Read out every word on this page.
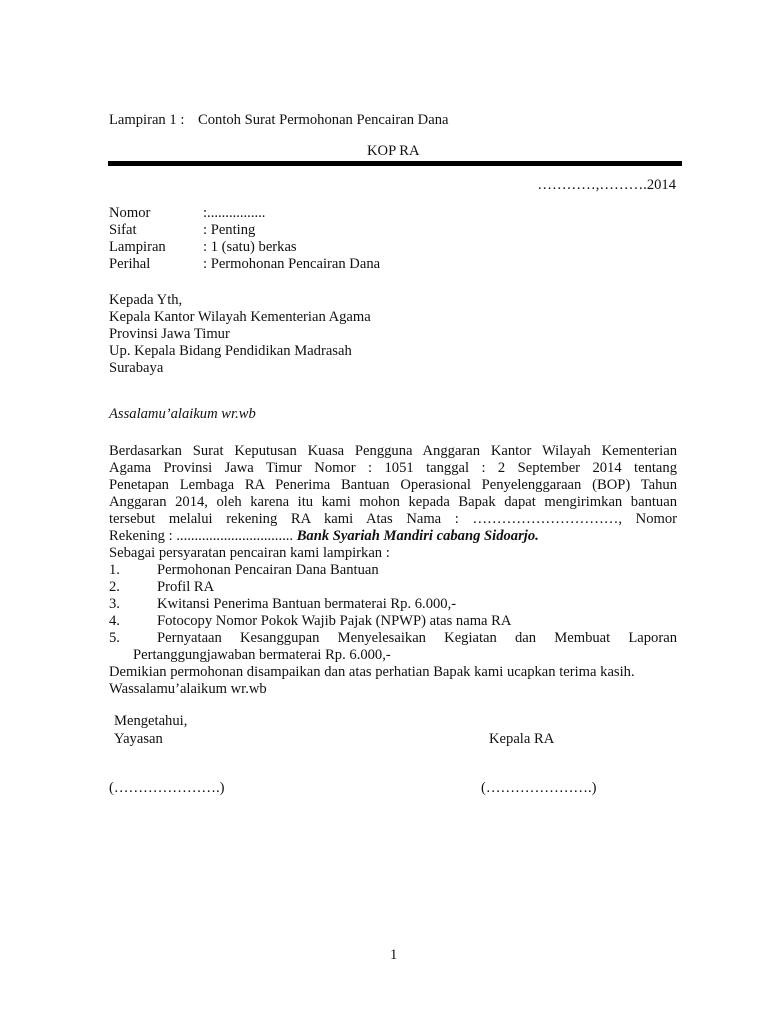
Lampiran 1 : Contoh Surat Permohonan Pencairan Dana
KOP RA
…………,……….2014
Nomor	:................
Sifat	: Penting
Lampiran	: 1 (satu) berkas
Perihal	: Permohonan Pencairan Dana
Kepada Yth,
Kepala Kantor Wilayah Kementerian Agama
Provinsi Jawa Timur
Up. Kepala Bidang Pendidikan Madrasah
Surabaya
Assalamu’alaikum wr.wb
Berdasarkan Surat Keputusan Kuasa Pengguna Anggaran Kantor Wilayah Kementerian
Agama Provinsi Jawa Timur Nomor : 1051 tanggal : 2 September 2014 tentang
Penetapan Lembaga RA Penerima Bantuan Operasional Penyelenggaraan (BOP) Tahun
Anggaran 2014, oleh karena itu kami mohon kepada Bapak dapat mengirimkan bantuan
tersebut melalui rekening RA kami Atas Nama : …………………………, Nomor
Rekening : ................................ Bank Syariah Mandiri cabang Sidoarjo.
Sebagai persyaratan pencairan kami lampirkan :
1.	Permohonan Pencairan Dana Bantuan
2.	Profil RA
3.	Kwitansi Penerima Bantuan bermaterai Rp. 6.000,-
4.	Fotocopy Nomor Pokok Wajib Pajak (NPWP) atas nama RA
5.	Pernyataan Kesanggupan Menyelesaikan Kegiatan dan Membuat Laporan
Pertanggungjawaban bermaterai Rp. 6.000,-
Demikian permohonan disampaikan dan atas perhatian Bapak kami ucapkan terima kasih.
Wassalamu’alaikum wr.wb
Mengetahui,
Yayasan	Kepala RA
(………………….)	(………………….)
1
